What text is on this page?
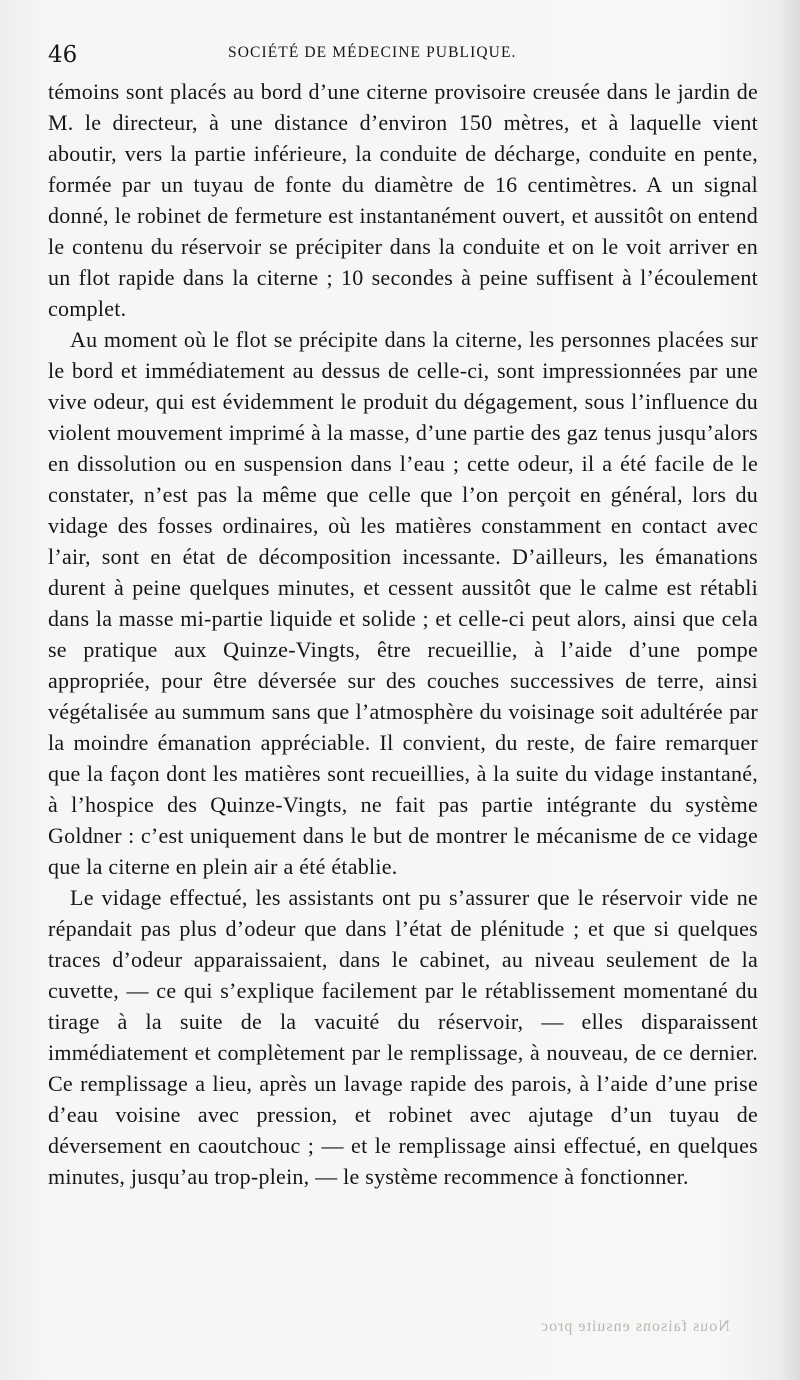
46	SOCIÉTÉ DE MÉDECINE PUBLIQUE.

témoins sont placés au bord d’une citerne provisoire creusée dans le jardin de M. le directeur, à une distance d’environ 150 mètres, et à laquelle vient aboutir, vers la partie inférieure, la conduite de décharge, conduite en pente, formée par un tuyau de fonte du diamètre de 16 centimètres. A un signal donné, le robinet de fermeture est instantanément ouvert, et aussitôt on entend le contenu du réservoir se précipiter dans la conduite et on le voit arriver en un flot rapide dans la citerne ; 10 secondes à peine suffisent à l’écoulement complet.

Au moment où le flot se précipite dans la citerne, les personnes placées sur le bord et immédiatement au dessus de celle-ci, sont impressionnées par une vive odeur, qui est évidemment le produit du dégagement, sous l’influence du violent mouvement imprimé à la masse, d’une partie des gaz tenus jusqu’alors en dissolution ou en suspension dans l’eau ; cette odeur, il a été facile de le constater, n’est pas la même que celle que l’on perçoit en général, lors du vidage des fosses ordinaires, où les matières constamment en contact avec l’air, sont en état de décomposition incessante. D’ailleurs, les émanations durent à peine quelques minutes, et cessent aussitôt que le calme est rétabli dans la masse mi-partie liquide et solide ; et celle-ci peut alors, ainsi que cela se pratique aux Quinze-Vingts, être recueillie, à l’aide d’une pompe appropriée, pour être déversée sur des couches successives de terre, ainsi végétalisée au summum sans que l’atmosphère du voisinage soit adultérée par la moindre émanation appréciable. Il convient, du reste, de faire remarquer que la façon dont les matières sont recueillies, à la suite du vidage instantané, à l’hospice des Quinze-Vingts, ne fait pas partie intégrante du système Goldner : c’est uniquement dans le but de montrer le mécanisme de ce vidage que la citerne en plein air a été établie.

Le vidage effectué, les assistants ont pu s’assurer que le réservoir vide ne répandait pas plus d’odeur que dans l’état de plénitude ; et que si quelques traces d’odeur apparaissaient, dans le cabinet, au niveau seulement de la cuvette, — ce qui s’explique facilement par le rétablissement momentané du tirage à la suite de la vacuité du réservoir, — elles disparaissent immédiatement et complètement par le remplissage, à nouveau, de ce dernier. Ce remplissage a lieu, après un lavage rapide des parois, à l’aide d’une prise d’eau voisine avec pression, et robinet avec ajutage d’un tuyau de déversement en caoutchouc ; — et le remplissage ainsi effectué, en quelques minutes, jusqu’au trop-plein, — le système recommence à fonctionner.

Nous faisons ensuite proc
